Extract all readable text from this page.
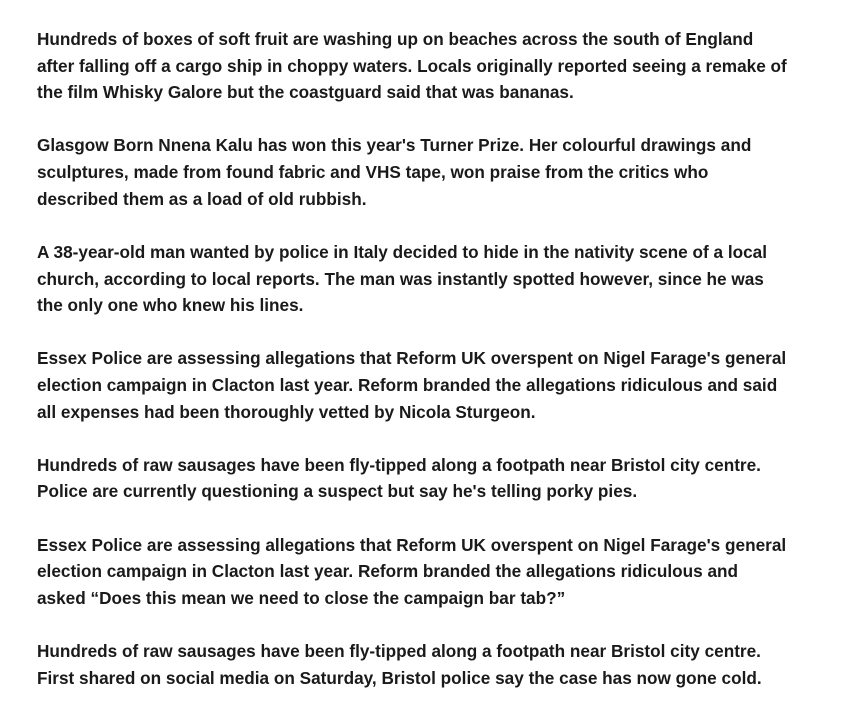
Hundreds of boxes of soft fruit are washing up on beaches across the south of England
after falling off a cargo ship in choppy waters. Locals originally reported seeing a remake of
the film Whisky Galore but the coastguard said that was bananas.

Glasgow Born Nnena Kalu has won this year's Turner Prize. Her colourful drawings and
sculptures, made from found fabric and VHS tape, won praise from the critics who
described them as a load of old rubbish.

A 38-year-old man wanted by police in Italy decided to hide in the nativity scene of a local
church, according to local reports. The man was instantly spotted however, since he was
the only one who knew his lines.

Essex Police are assessing allegations that Reform UK overspent on Nigel Farage's general
election campaign in Clacton last year. Reform branded the allegations ridiculous and said
all expenses had been thoroughly vetted by Nicola Sturgeon.

Hundreds of raw sausages have been fly-tipped along a footpath near Bristol city centre.
Police are currently questioning a suspect but say he's telling porky pies.

Essex Police are assessing allegations that Reform UK overspent on Nigel Farage's general
election campaign in Clacton last year. Reform branded the allegations ridiculous and
asked “Does this mean we need to close the campaign bar tab?”

Hundreds of raw sausages have been fly-tipped along a footpath near Bristol city centre.
First shared on social media on Saturday, Bristol police say the case has now gone cold.
